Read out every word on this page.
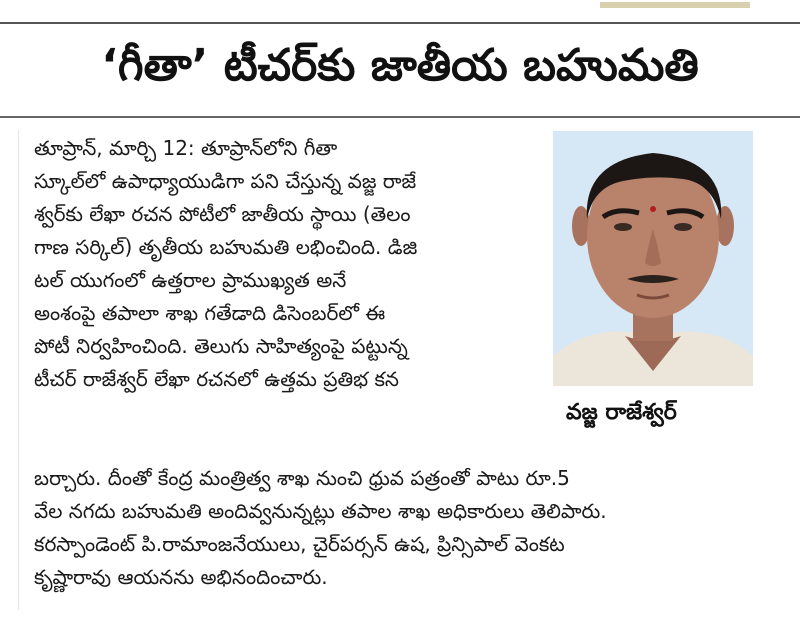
‘గీతా’ టీచర్‌కు జాతీయ బహుమతి
తూప్రాన్, మార్చి 12: తూప్రాన్‌లోని గీతా
స్కూల్‌లో ఉపాధ్యాయుడిగా పని చేస్తున్న వజ్జ రాజే
శ్వర్‌కు లేఖా రచన పోటీలో జాతీయ స్థాయి (తెలం
గాణ సర్కిల్) తృతీయ బహుమతి లభించింది. డిజి
టల్ యుగంలో ఉత్తరాల ప్రాముఖ్యత అనే
అంశంపై తపాలా శాఖ గతేడాది డిసెంబర్‌లో ఈ
పోటీ నిర్వహించింది. తెలుగు సాహిత్యంపై పట్టున్న
టీచర్ రాజేశ్వర్ లేఖా రచనలో ఉత్తమ ప్రతిభ కన
వజ్జ రాజేశ్వర్
బర్చారు. దీంతో కేంద్ర మంత్రిత్వ శాఖ నుంచి ధ్రువ పత్రంతో పాటు రూ.5
వేల నగదు బహుమతి అందివ్వనున్నట్లు తపాల శాఖ అధికారులు తెలిపారు.
కరస్పాండెంట్ పి.రామాంజనేయులు, చైర్‌పర్సన్ ఉష, ప్రిన్సిపాల్ వెంకట
కృష్ణారావు ఆయనను అభినందించారు.
